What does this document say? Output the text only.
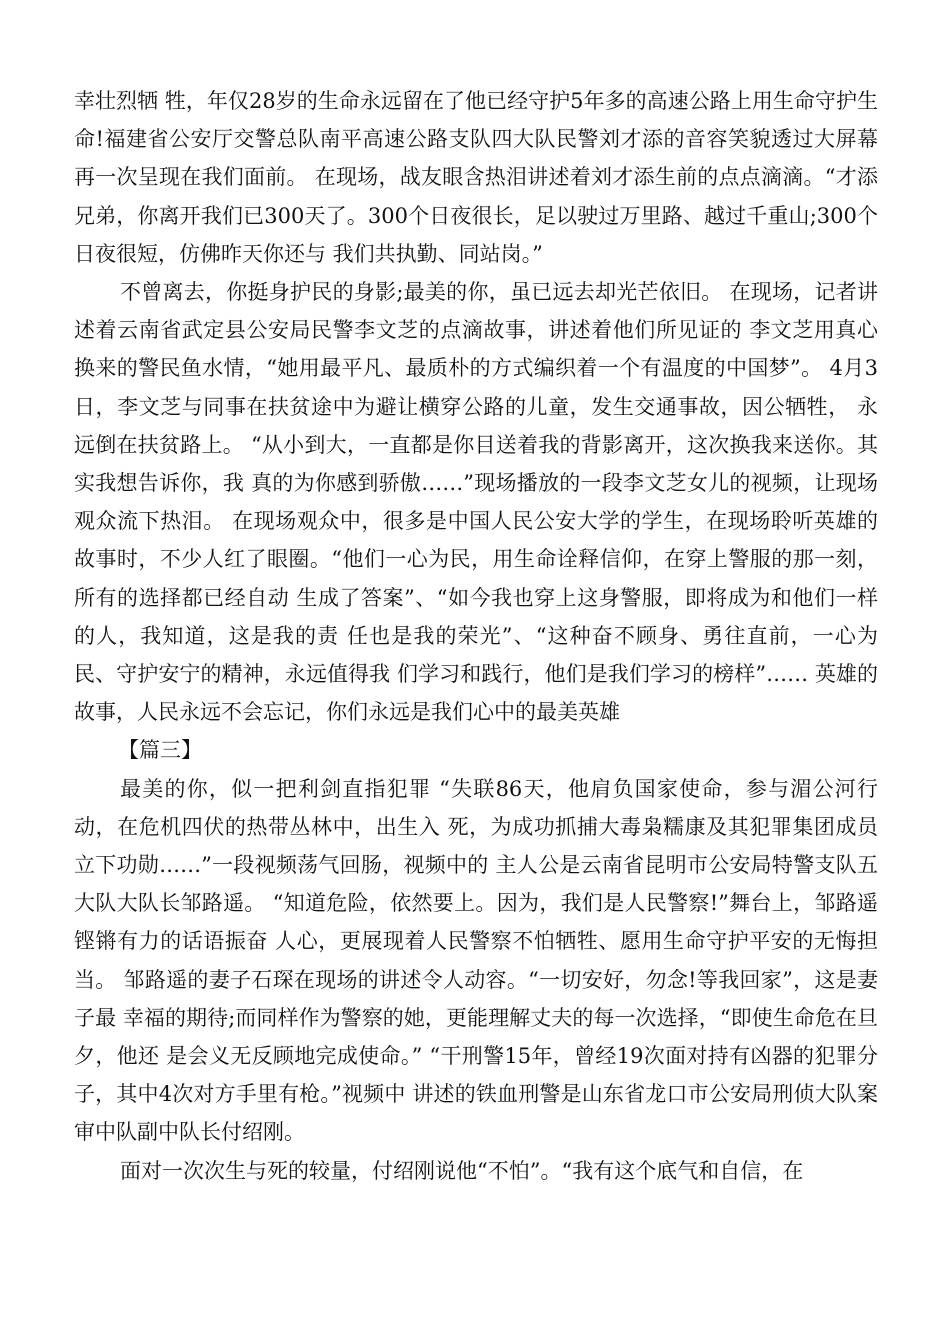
幸壮烈牺 牲，年仅28岁的生命永远留在了他已经守护5年多的高速公路上用生命守护生命!福建省公安厅交警总队南平高速公路支队四大队民警刘才添的音容笑貌透过大屏幕再一次呈现在我们面前。 在现场，战友眼含热泪讲述着刘才添生前的点点滴滴。“才添兄弟，你离开我们已300天了。300个日夜很长，足以驶过万里路、越过千重山;300个日夜很短，仿佛昨天你还与 我们共执勤、同站岗。”

不曾离去，你挺身护民的身影;最美的你，虽已远去却光芒依旧。 在现场，记者讲述着云南省武定县公安局民警李文芝的点滴故事，讲述着他们所见证的 李文芝用真心换来的警民鱼水情，“她用最平凡、最质朴的方式编织着一个有温度的中国梦”。 4月3日，李文芝与同事在扶贫途中为避让横穿公路的儿童，发生交通事故，因公牺牲， 永远倒在扶贫路上。 “从小到大，一直都是你目送着我的背影离开，这次换我来送你。其实我想告诉你，我 真的为你感到骄傲……”现场播放的一段李文芝女儿的视频，让现场观众流下热泪。 在现场观众中，很多是中国人民公安大学的学生，在现场聆听英雄的故事时，不少人红了眼圈。“他们一心为民，用生命诠释信仰，在穿上警服的那一刻，所有的选择都已经自动 生成了答案”、“如今我也穿上这身警服，即将成为和他们一样的人，我知道，这是我的责 任也是我的荣光”、“这种奋不顾身、勇往直前，一心为民、守护安宁的精神，永远值得我 们学习和践行，他们是我们学习的榜样”…… 英雄的故事，人民永远不会忘记，你们永远是我们心中的最美英雄

【篇三】

最美的你，似一把利剑直指犯罪 “失联86天，他肩负国家使命，参与湄公河行动，在危机四伏的热带丛林中，出生入 死，为成功抓捕大毒枭糯康及其犯罪集团成员立下功勋……”一段视频荡气回肠，视频中的 主人公是云南省昆明市公安局特警支队五大队大队长邹路遥。 “知道危险，依然要上。因为，我们是人民警察!”舞台上，邹路遥铿锵有力的话语振奋 人心，更展现着人民警察不怕牺牲、愿用生命守护平安的无悔担当。 邹路遥的妻子石琛在现场的讲述令人动容。“一切安好，勿念!等我回家”，这是妻子最 幸福的期待;而同样作为警察的她，更能理解丈夫的每一次选择，“即使生命危在旦夕，他还 是会义无反顾地完成使命。” “干刑警15年，曾经19次面对持有凶器的犯罪分子，其中4次对方手里有枪。”视频中 讲述的铁血刑警是山东省龙口市公安局刑侦大队案审中队副中队长付绍刚。

面对一次次生与死的较量，付绍刚说他“不怕”。“我有这个底气和自信，在
